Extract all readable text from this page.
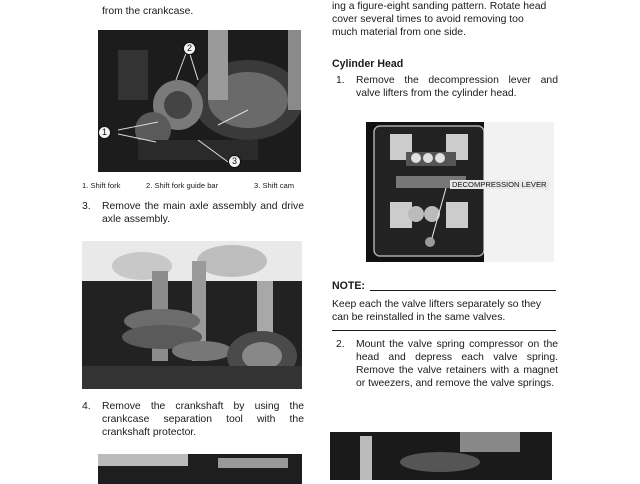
from the crankcase.
2
1
3
1. Shift fork	2. Shift fork guide bar	3. Shift cam
3.	Remove the main axle assembly and drive axle assembly.
4.	Remove the crankshaft by using the crankcase separation tool with the crankshaft protector.
ing a figure-eight sanding pattern. Rotate head
cover several times to avoid removing too
much material from one side.
Cylinder Head
1.	Remove the decompression lever and valve lifters from the cylinder head.
DECOMPRESSION LEVER
NOTE:
Keep each the valve lifters separately so they can be reinstalled in the same valves.
2.	Mount the valve spring compressor on the head and depress each valve spring. Remove the valve retainers with a magnet or tweezers, and remove the valve springs.
